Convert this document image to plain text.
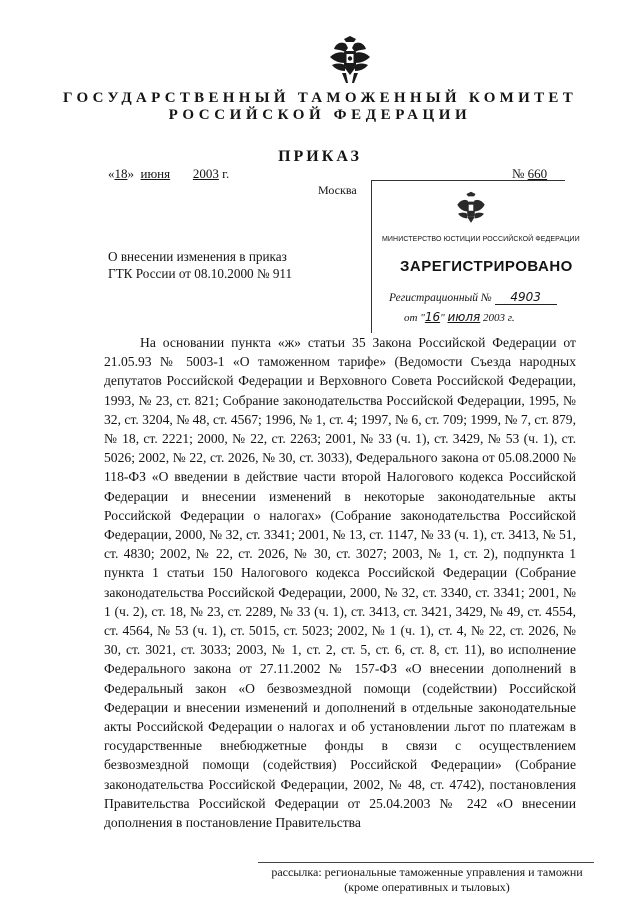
ГОСУДАРСТВЕННЫЙ ТАМОЖЕННЫЙ КОМИТЕТ
РОССИЙСКОЙ ФЕДЕРАЦИИ
ПРИКАЗ
«18»  июня 2003 г.	№ 660
Москва
О внесении изменения в приказ
ГТК России от 08.10.2000 № 911
МИНИСТЕРСТВО ЮСТИЦИИ РОССИЙСКОЙ ФЕДЕРАЦИИ
ЗАРЕГИСТРИРОВАНО
Регистрационный № 4903
от "16" июля 2003 г.
На основании пункта «ж» статьи 35 Закона Российской Федерации от 21.05.93 № 5003-1 «О таможенном тарифе» (Ведомости Съезда народных депутатов Российской Федерации и Верховного Совета Российской Федерации, 1993, № 23, ст. 821; Собрание законодательства Российской Федерации, 1995, № 32, ст. 3204, № 48, ст. 4567; 1996, № 1, ст. 4; 1997, № 6, ст. 709; 1999, № 7, ст. 879, № 18, ст. 2221; 2000, № 22, ст. 2263; 2001, № 33 (ч. 1), ст. 3429, № 53 (ч. 1), ст. 5026; 2002, № 22, ст. 2026, № 30, ст. 3033), Федерального закона от 05.08.2000 № 118-ФЗ «О введении в действие части второй Налогового кодекса Российской Федерации и внесении изменений в некоторые законодательные акты Российской Федерации о налогах» (Собрание законодательства Российской Федерации, 2000, № 32, ст. 3341; 2001, № 13, ст. 1147, № 33 (ч. 1), ст. 3413, № 51, ст. 4830; 2002, № 22, ст. 2026, № 30, ст. 3027; 2003, № 1, ст. 2), подпункта 1 пункта 1 статьи 150 Налогового кодекса Российской Федерации (Собрание законодательства Российской Федерации, 2000, № 32, ст. 3340, ст. 3341; 2001, № 1 (ч. 2), ст. 18, № 23, ст. 2289, № 33 (ч. 1), ст. 3413, ст. 3421, 3429, № 49, ст. 4554, ст. 4564, № 53 (ч. 1), ст. 5015, ст. 5023; 2002, № 1 (ч. 1), ст. 4, № 22, ст. 2026, № 30, ст. 3021, ст. 3033; 2003, № 1, ст. 2, ст. 5, ст. 6, ст. 8, ст. 11), во исполнение Федерального закона от 27.11.2002 № 157-ФЗ «О внесении дополнений в Федеральный закон «О безвозмездной помощи (содействии) Российской Федерации и внесении изменений и дополнений в отдельные законодательные акты Российской Федерации о налогах и об установлении льгот по платежам в государственные внебюджетные фонды в связи с осуществлением безвозмездной помощи (содействия) Российской Федерации» (Собрание законодательства Российской Федерации, 2002, № 48, ст. 4742), постановления Правительства Российской Федерации от 25.04.2003 № 242 «О внесении дополнения в постановление Правительства
рассылка: региональные таможенные управления и таможни
(кроме оперативных и тыловых)
